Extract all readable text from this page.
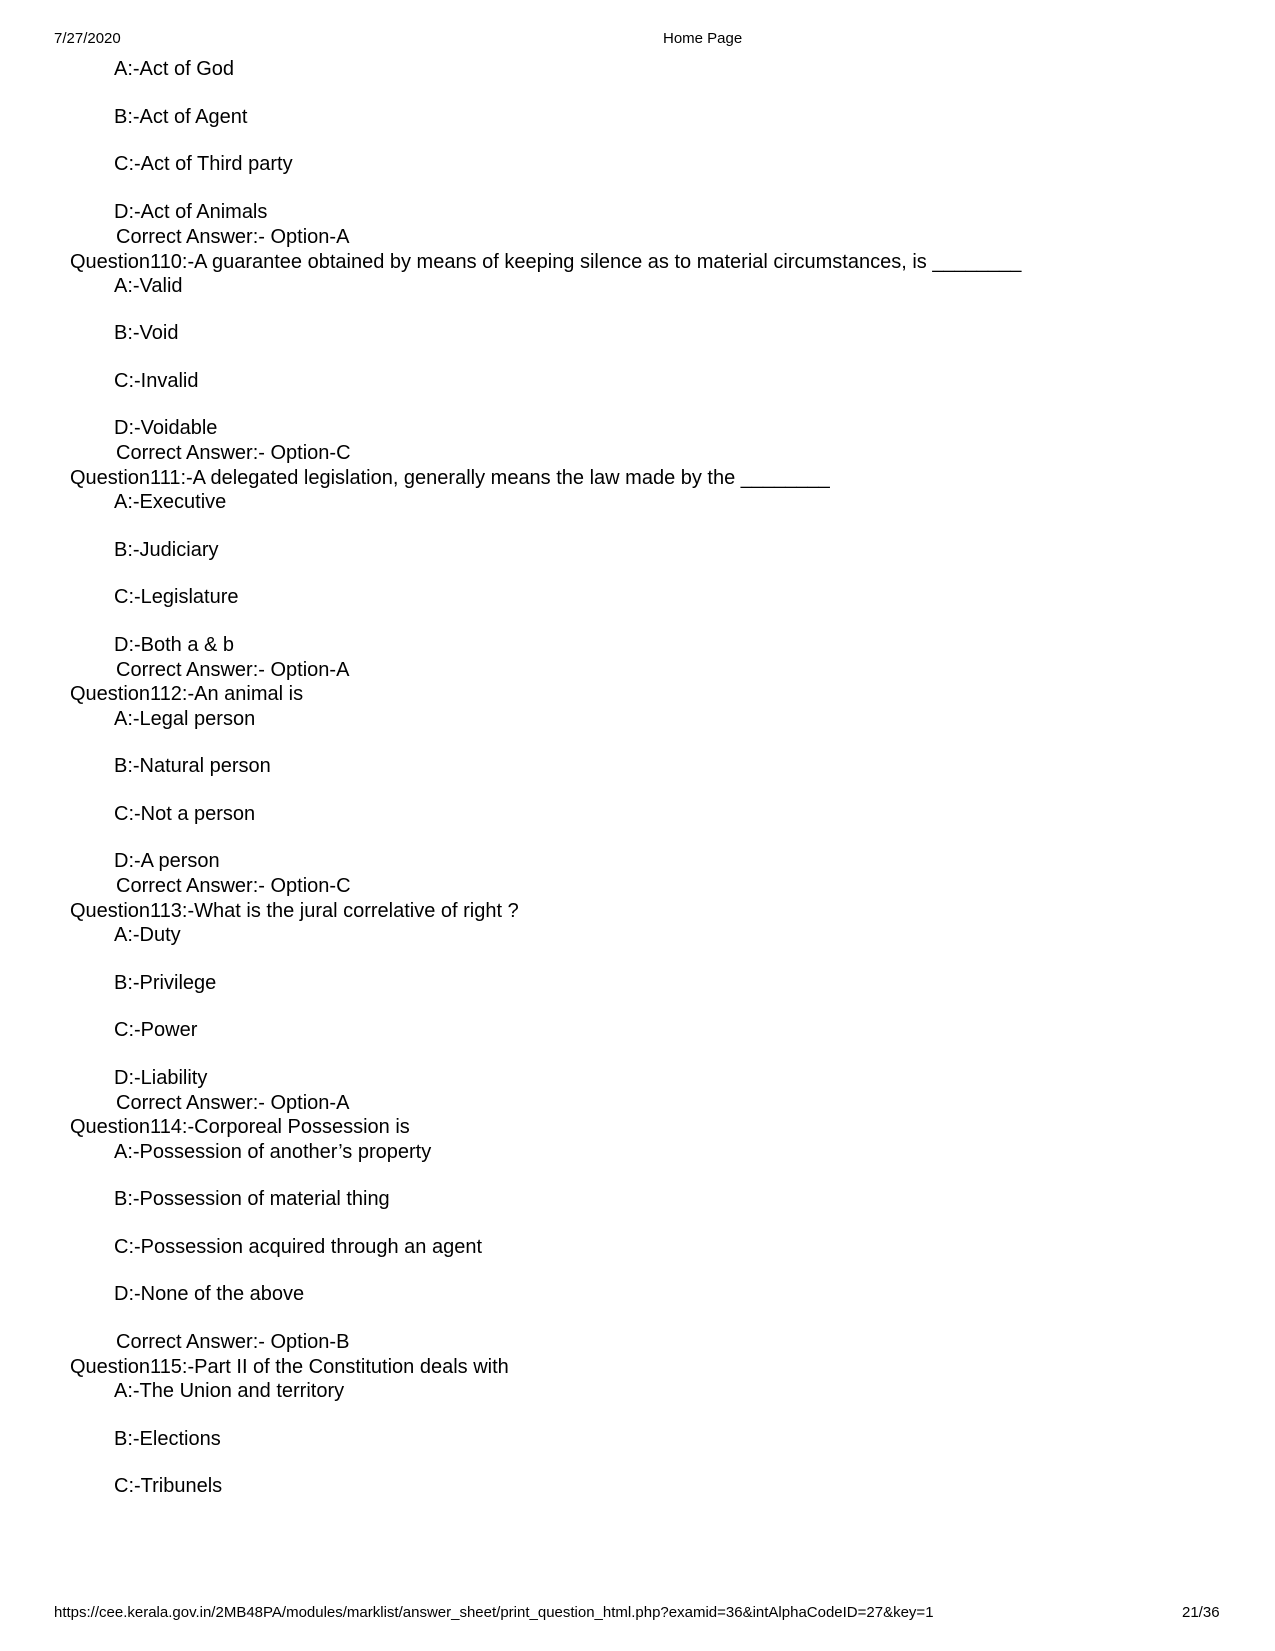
7/27/2020	Home Page
A:-Act of God
B:-Act of Agent
C:-Act of Third party
D:-Act of Animals
Correct Answer:- Option-A
Question110:-A guarantee obtained by means of keeping silence as to material circumstances, is ________
A:-Valid
B:-Void
C:-Invalid
D:-Voidable
Correct Answer:- Option-C
Question111:-A delegated legislation, generally means the law made by the ________
A:-Executive
B:-Judiciary
C:-Legislature
D:-Both a & b
Correct Answer:- Option-A
Question112:-An animal is
A:-Legal person
B:-Natural person
C:-Not a person
D:-A person
Correct Answer:- Option-C
Question113:-What is the jural correlative of right ?
A:-Duty
B:-Privilege
C:-Power
D:-Liability
Correct Answer:- Option-A
Question114:-Corporeal Possession is
A:-Possession of another’s property
B:-Possession of material thing
C:-Possession acquired through an agent
D:-None of the above
Correct Answer:- Option-B
Question115:-Part II of the Constitution deals with
A:-The Union and territory
B:-Elections
C:-Tribunels
https://cee.kerala.gov.in/2MB48PA/modules/marklist/answer_sheet/print_question_html.php?examid=36&intAlphaCodeID=27&key=1	21/36
